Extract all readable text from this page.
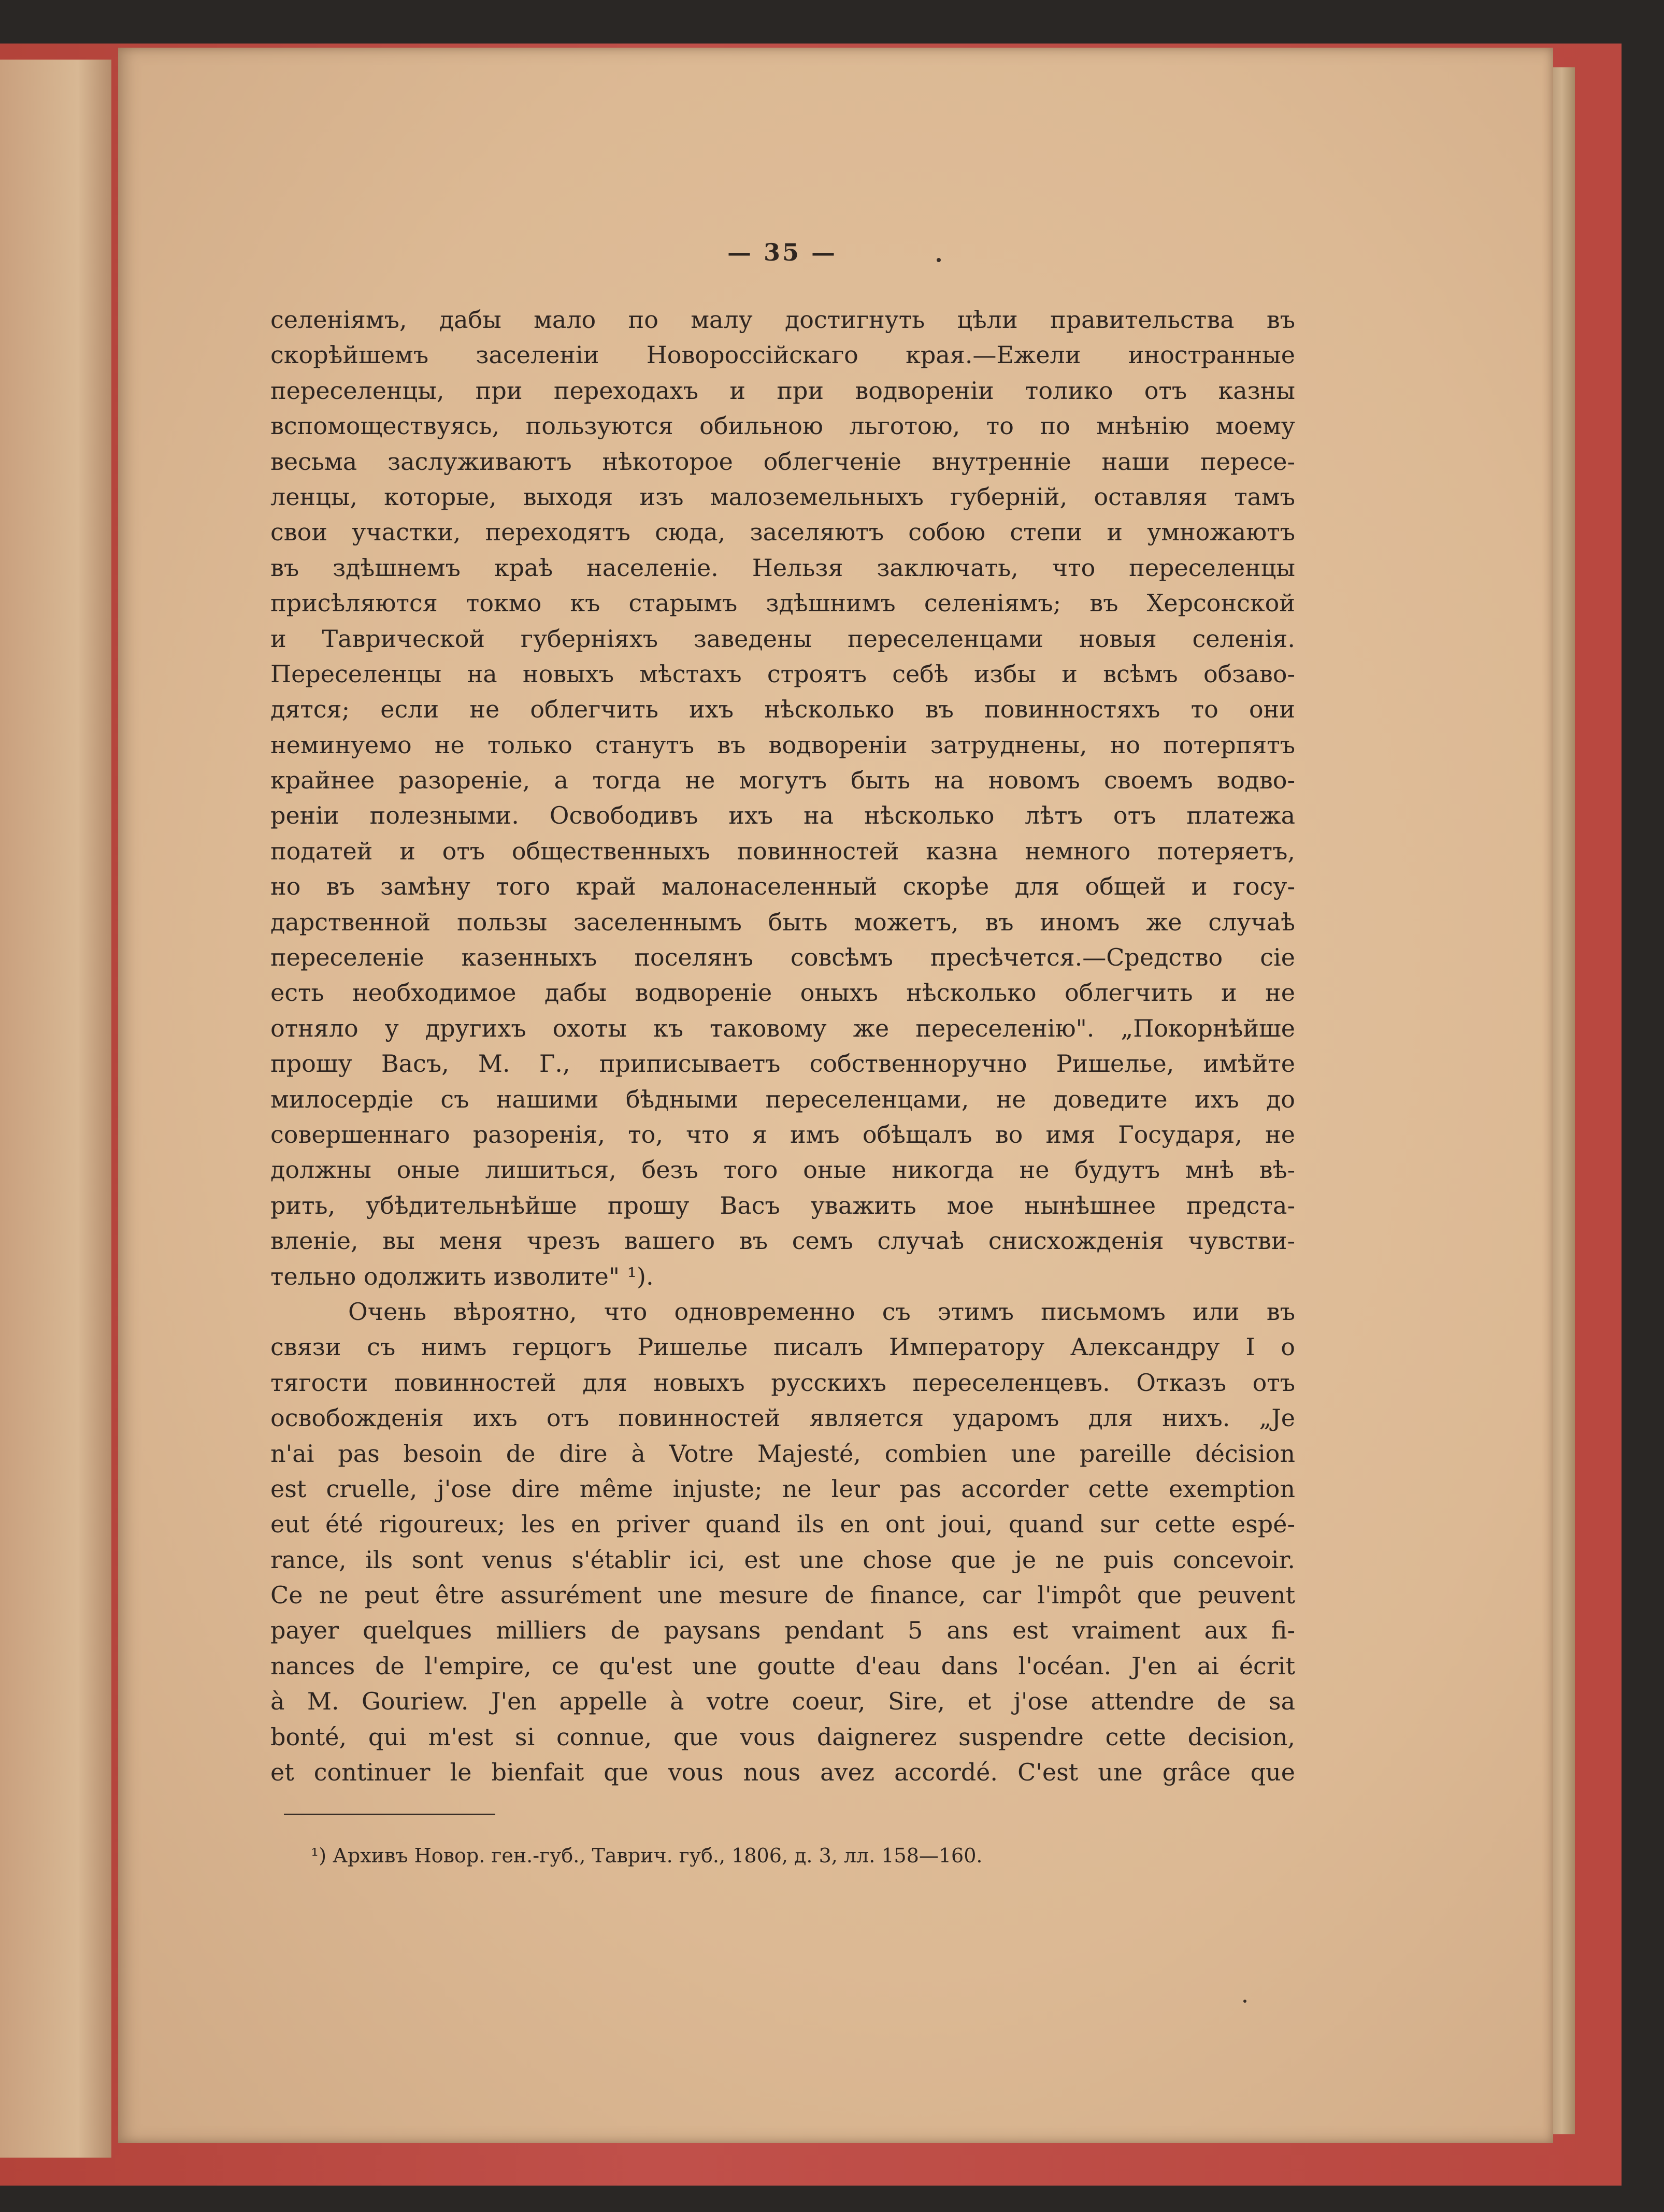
— 35 —
селеніямъ, дабы мало по малу достигнуть цѣли правительства въ
скорѣйшемъ заселеніи Новороссійскаго края.—Ежели иностранные
переселенцы, при переходахъ и при водвореніи толико отъ казны
вспомоществуясь, пользуются обильною льготою, то по мнѣнію моему
весьма заслуживаютъ нѣкоторое облегченіе внутренніе наши пересе-
ленцы, которые, выходя изъ малоземельныхъ губерній, оставляя тамъ
свои участки, переходятъ сюда, заселяютъ собою степи и умножаютъ
въ здѣшнемъ краѣ населеніе. Нельзя заключать, что переселенцы
присѣляются токмо къ старымъ здѣшнимъ селеніямъ; въ Херсонской
и Таврической губерніяхъ заведены переселенцами новыя селенія.
Переселенцы на новыхъ мѣстахъ строятъ себѣ избы и всѣмъ обзаво-
дятся; если не облегчить ихъ нѣсколько въ повинностяхъ то они
неминуемо не только станутъ въ водвореніи затруднены, но потерпятъ
крайнее разореніе, а тогда не могутъ быть на новомъ своемъ водво-
реніи полезными. Освободивъ ихъ на нѣсколько лѣтъ отъ платежа
податей и отъ общественныхъ повинностей казна немного потеряетъ,
но въ замѣну того край малонаселенный скорѣе для общей и госу-
дарственной пользы заселеннымъ быть можетъ, въ иномъ же случаѣ
переселеніе казенныхъ поселянъ совсѣмъ пресѣчется.—Средство сіе
есть необходимое дабы водвореніе оныхъ нѣсколько облегчить и не
отняло у другихъ охоты къ таковому же переселенію". „Покорнѣйше
прошу Васъ, М. Г., приписываетъ собственноручно Ришелье, имѣйте
милосердіе съ нашими бѣдными переселенцами, не доведите ихъ до
совершеннаго разоренія, то, что я имъ обѣщалъ во имя Государя, не
должны оные лишиться, безъ того оные никогда не будутъ мнѣ вѣ-
рить, убѣдительнѣйше прошу Васъ уважить мое нынѣшнее предста-
вленіе, вы меня чрезъ вашего въ семъ случаѣ снисхожденія чувстви-
тельно одолжить изволите" ¹).
Очень вѣроятно, что одновременно съ этимъ письмомъ или въ
связи съ нимъ герцогъ Ришелье писалъ Императору Александру I о
тягости повинностей для новыхъ русскихъ переселенцевъ. Отказъ отъ
освобожденія ихъ отъ повинностей является ударомъ для нихъ. „Je
n'ai pas besoin de dire à Votre Majesté, combien une pareille décision
est cruelle, j'ose dire même injuste; ne leur pas accorder cette exemption
eut été rigoureux; les en priver quand ils en ont joui, quand sur cette espé-
rance, ils sont venus s'établir ici, est une chose que je ne puis concevoir.
Ce ne peut être assurément une mesure de finance, car l'impôt que peuvent
payer quelques milliers de paysans pendant 5 ans est vraiment aux fi-
nances de l'empire, ce qu'est une goutte d'eau dans l'océan. J'en ai écrit
à M. Gouriew. J'en appelle à votre coeur, Sire, et j'ose attendre de sa
bonté, qui m'est si connue, que vous daignerez suspendre cette decision,
et continuer le bienfait que vous nous avez accordé. C'est une grâce que
¹) Архивъ Новор. ген.-губ., Таврич. губ., 1806, д. 3, лл. 158—160.
